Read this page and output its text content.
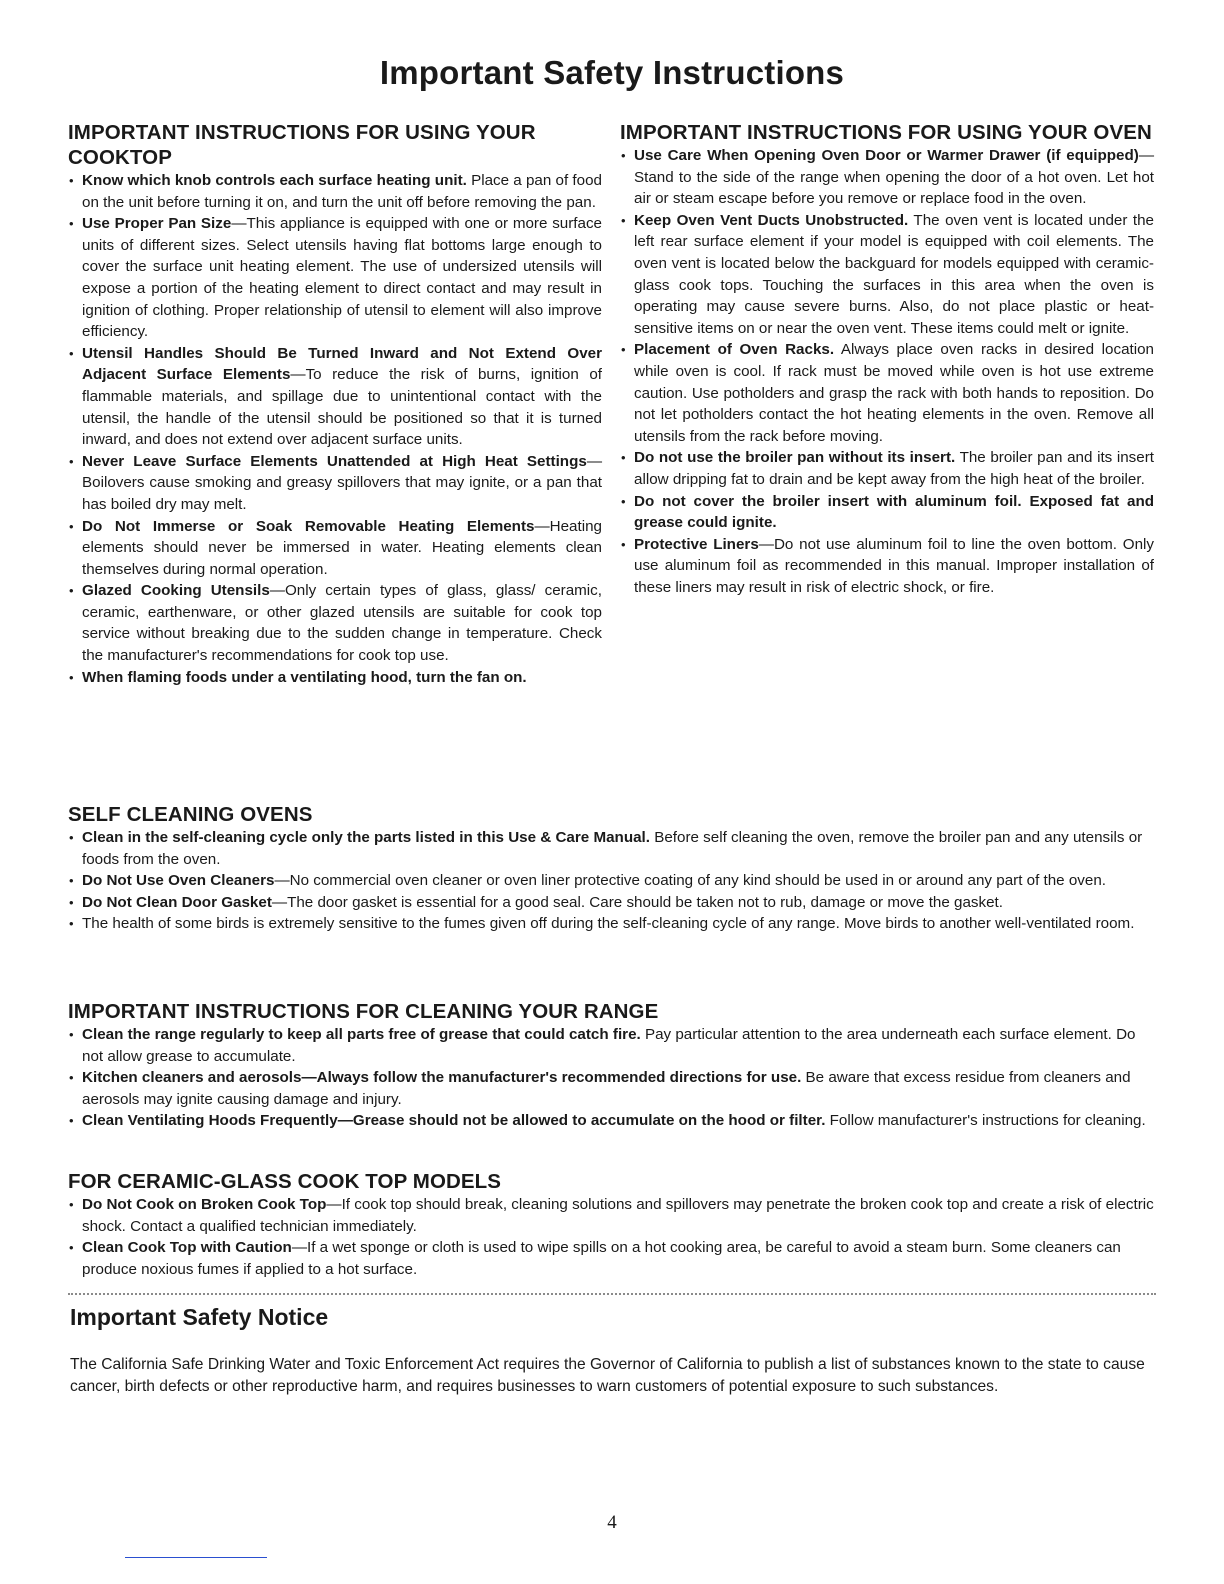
Important Safety Instructions
IMPORTANT INSTRUCTIONS FOR USING YOUR COOKTOP
• Know which knob controls each surface heating unit. Place a pan of food on the unit before turning it on, and turn the unit off before removing the pan.
• Use Proper Pan Size—This appliance is equipped with one or more surface units of different sizes. Select utensils having flat bottoms large enough to cover the surface unit heating element. The use of undersized utensils will expose a portion of the heating element to direct contact and may result in ignition of clothing. Proper relationship of utensil to element will also improve efficiency.
• Utensil Handles Should Be Turned Inward and Not Extend Over Adjacent Surface Elements—To reduce the risk of burns, ignition of flammable materials, and spillage due to unintentional contact with the utensil, the handle of the utensil should be positioned so that it is turned inward, and does not extend over adjacent surface units.
• Never Leave Surface Elements Unattended at High Heat Settings—Boilovers cause smoking and greasy spillovers that may ignite, or a pan that has boiled dry may melt.
• Do Not Immerse or Soak Removable Heating Elements—Heating elements should never be immersed in water. Heating elements clean themselves during normal operation.
• Glazed Cooking Utensils—Only certain types of glass, glass/ ceramic, ceramic, earthenware, or other glazed utensils are suitable for cook top service without breaking due to the sudden change in temperature. Check the manufacturer's recommendations for cook top use.
• When flaming foods under a ventilating hood, turn the fan on.
IMPORTANT INSTRUCTIONS FOR USING YOUR OVEN
• Use Care When Opening Oven Door or Warmer Drawer (if equipped)—Stand to the side of the range when opening the door of a hot oven. Let hot air or steam escape before you remove or replace food in the oven.
• Keep Oven Vent Ducts Unobstructed. The oven vent is located under the left rear surface element if your model is equipped with coil elements. The oven vent is located below the backguard for models equipped with ceramic-glass cook tops. Touching the surfaces in this area when the oven is operating may cause severe burns. Also, do not place plastic or heat-sensitive items on or near the oven vent. These items could melt or ignite.
• Placement of Oven Racks. Always place oven racks in desired location while oven is cool. If rack must be moved while oven is hot use extreme caution. Use potholders and grasp the rack with both hands to reposition. Do not let potholders contact the hot heating elements in the oven. Remove all utensils from the rack before moving.
• Do not use the broiler pan without its insert. The broiler pan and its insert allow dripping fat to drain and be kept away from the high heat of the broiler.
• Do not cover the broiler insert with aluminum foil. Exposed fat and grease could ignite.
• Protective Liners—Do not use aluminum foil to line the oven bottom. Only use aluminum foil as recommended in this manual. Improper installation of these liners may result in risk of electric shock, or fire.
SELF CLEANING OVENS
• Clean in the self-cleaning cycle only the parts listed in this Use & Care Manual. Before self cleaning the oven, remove the broiler pan and any utensils or foods from the oven.
• Do Not Use Oven Cleaners—No commercial oven cleaner or oven liner protective coating of any kind should be used in or around any part of the oven.
• Do Not Clean Door Gasket—The door gasket is essential for a good seal. Care should be taken not to rub, damage or move the gasket.
• The health of some birds is extremely sensitive to the fumes given off during the self-cleaning cycle of any range. Move birds to another well-ventilated room.
IMPORTANT INSTRUCTIONS FOR CLEANING YOUR RANGE
• Clean the range regularly to keep all parts free of grease that could catch fire. Pay particular attention to the area underneath each surface element. Do not allow grease to accumulate.
• Kitchen cleaners and aerosols—Always follow the manufacturer's recommended directions for use. Be aware that excess residue from cleaners and aerosols may ignite causing damage and injury.
• Clean Ventilating Hoods Frequently—Grease should not be allowed to accumulate on the hood or filter. Follow manufacturer's instructions for cleaning.
FOR CERAMIC-GLASS COOK TOP MODELS
• Do Not Cook on Broken Cook Top—If cook top should break, cleaning solutions and spillovers may penetrate the broken cook top and create a risk of electric shock. Contact a qualified technician immediately.
• Clean Cook Top with Caution—If a wet sponge or cloth is used to wipe spills on a hot cooking area, be careful to avoid a steam burn. Some cleaners can produce noxious fumes if applied to a hot surface.
Important Safety Notice
The California Safe Drinking Water and Toxic Enforcement Act requires the Governor of California to publish a list of substances known to the state to cause cancer, birth defects or other reproductive harm, and requires businesses to warn customers of potential exposure to such substances.
4
